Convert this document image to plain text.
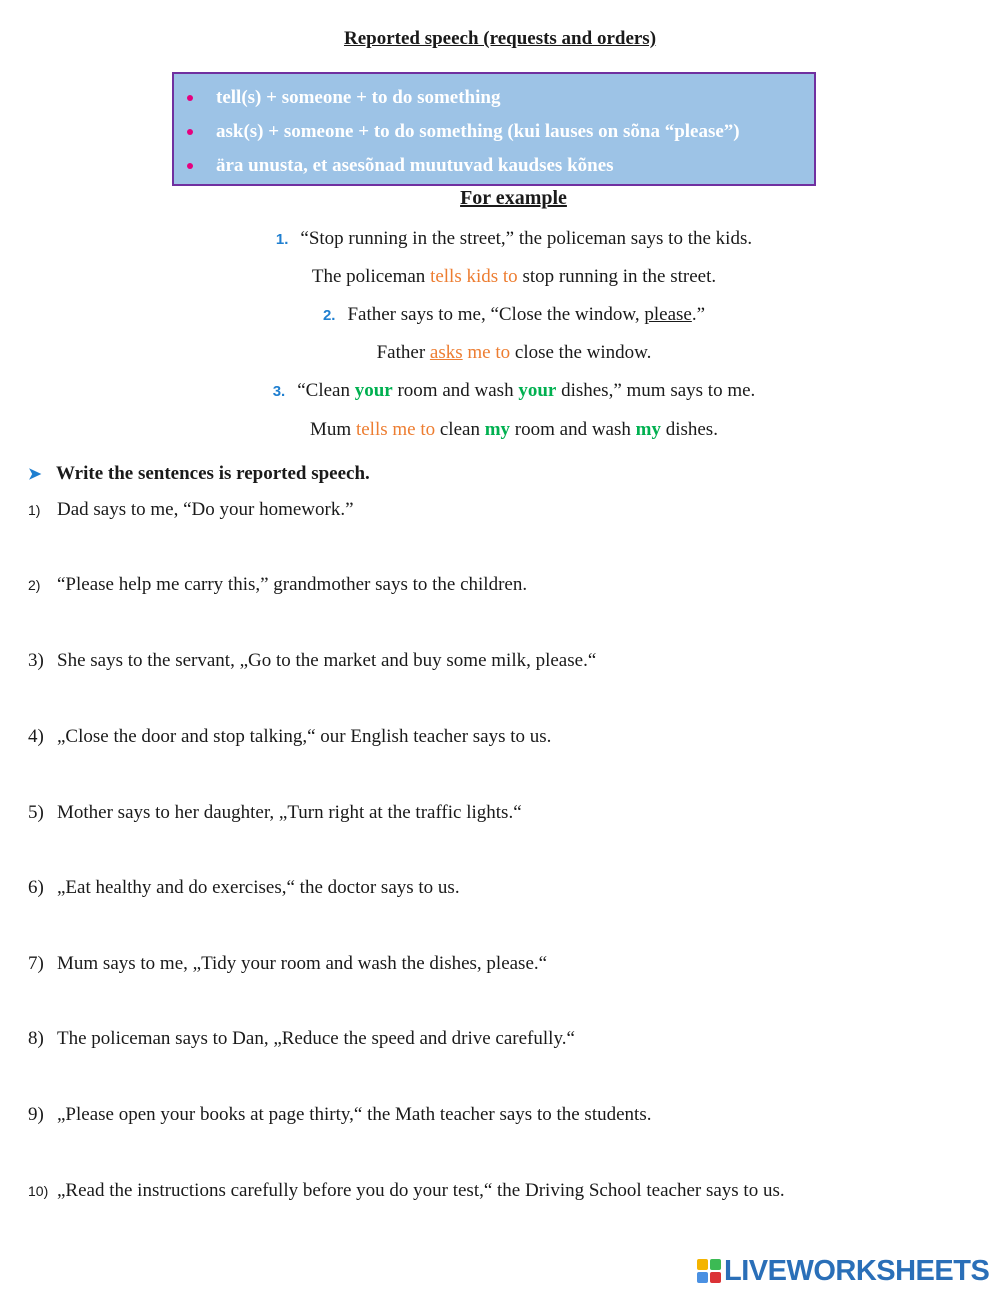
Reported speech (requests and orders)
tell(s) + someone + to do something
ask(s) + someone + to do something (kui lauses on sõna “please”)
ära unusta, et asesõnad muutuvad kaudses kõnes
For example
1. “Stop running in the street,” the policeman says to the kids.
The policeman tells kids to stop running in the street.
2. Father says to me, “Close the window, please.”
Father asks me to close the window.
3. “Clean your room and wash your dishes,” mum says to me.
Mum tells me to clean my room and wash my dishes.
➤ Write the sentences is reported speech.
1) Dad says to me, “Do your homework.”
2) “Please help me carry this,” grandmother says to the children.
3) She says to the servant, „Go to the market and buy some milk, please.“
4) „Close the door and stop talking,“ our English teacher says to us.
5) Mother says to her daughter, „Turn right at the traffic lights.“
6) „Eat healthy and do exercises,“ the doctor says to us.
7) Mum says to me, „Tidy your room and wash the dishes, please.“
8) The policeman says to Dan, „Reduce the speed and drive carefully.“
9) „Please open your books at page thirty,“ the Math teacher says to the students.
10) „Read the instructions carefully before you do your test,“ the Driving School teacher says to us.
LIVEWORKSHEETS
